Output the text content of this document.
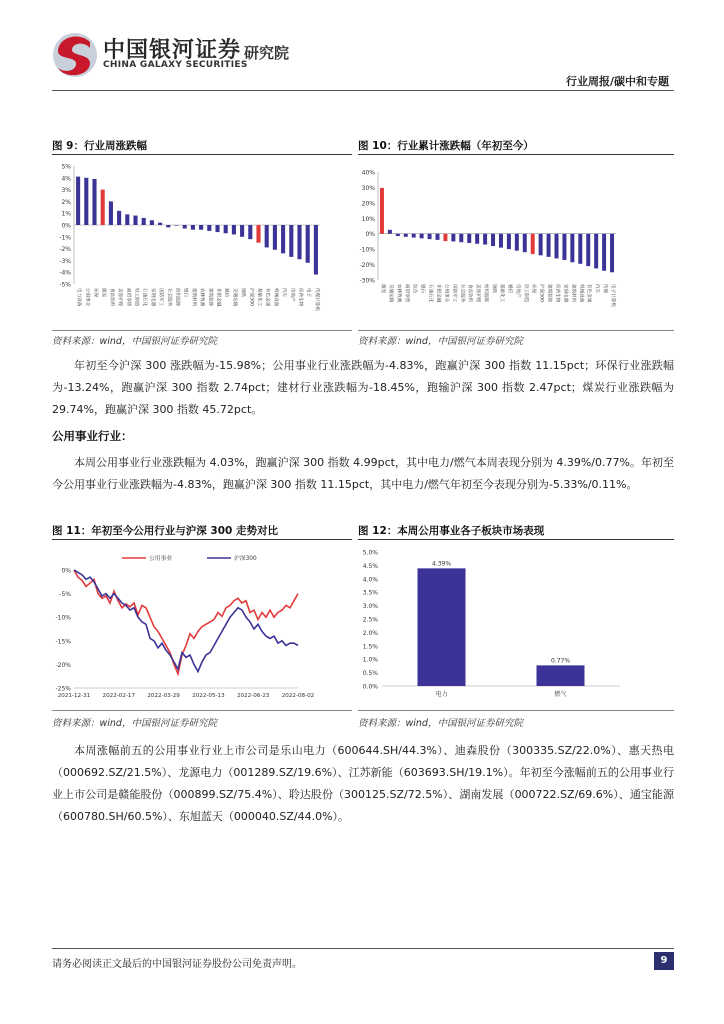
中国银河证券 研究院
CHINA GALAXY SECURITIES
行业周报/碳中和专题
图 9：行业周涨跌幅	图 10：行业累计涨跌幅（年初至今）
5%
4%
3%
2%
1%
0%
-1%
-2%
-3%
-4%
-5%
电力设备 公用事业 环保 煤炭 食品饮料 美容护理 商贸零售 轻工制造 石油石化 家用电器 国防军工 社会服务 纺织服饰 银行 建筑材料 农林牧渔 建筑装饰 非银金融 通信 交通运输 钢铁 沪深300 基础化工 有色金属 机械设备 汽车 房地产 医药生物 电子 传媒计算机
40%
30%
20%
10%
0%
-10%
-20%
-30%
煤炭 交通运输 农林牧渔 商贸零售 综合 银行 石油石化 非银金融 公用事业 国防军工 社会服务 食品饮料 美容护理 纺织服饰 钢铁 基础化工 通信 房地产 轻工制造 环保 沪深300 建筑装饰 医药生物 家用电器 建筑材料 机械设备 有色金属 汽车 传媒 电子计算机
资料来源：wind，中国银河证券研究院	资料来源：wind，中国银河证券研究院

年初至今沪深 300 涨跌幅为-15.98%；公用事业行业涨跌幅为-4.83%，跑赢沪深 300 指数 11.15pct；环保行业涨跌幅为-13.24%，跑赢沪深 300 指数 2.74pct；建材行业涨跌幅为-18.45%，跑输沪深 300 指数 2.47pct；煤炭行业涨跌幅为 29.74%，跑赢沪深 300 指数 45.72pct。

公用事业行业：

本周公用事业行业涨跌幅为 4.03%，跑赢沪深 300 指数 4.99pct，其中电力/燃气本周表现分别为 4.39%/0.77%。年初至今公用事业行业涨跌幅为-4.83%，跑赢沪深 300 指数 11.15pct，其中电力/燃气年初至今表现分别为-5.33%/0.11%。

图 11：年初至今公用行业与沪深 300 走势对比	图 12：本周公用事业各子板块市场表现
0%
-5%
-10%
-15%
-20%
-25%
2021-12-31 2022-02-17 2022-03-29 2022-05-13 2022-06-23 2022-08-02
公用事业	沪深300
5.0%
4.5%
4.0%
3.5%
3.0%
2.5%
2.0%
1.5%
1.0%
0.5%
0.0%
4.39%
电力
0.77%
燃气
资料来源：wind，中国银河证券研究院	资料来源：wind，中国银河证券研究院

本周涨幅前五的公用事业行业上市公司是乐山电力（600644.SH/44.3%）、迪森股份（300335.SZ/22.0%）、惠天热电（000692.SZ/21.5%）、龙源电力（001289.SZ/19.6%）、江苏新能（603693.SH/19.1%）。年初至今涨幅前五的公用事业行业上市公司是赣能股份（000899.SZ/75.4%）、聆达股份（300125.SZ/72.5%）、湖南发展（000722.SZ/69.6%）、通宝能源（600780.SH/60.5%）、东旭蓝天（000040.SZ/44.0%）。

请务必阅读正文最后的中国银河证券股份公司免责声明。	9
